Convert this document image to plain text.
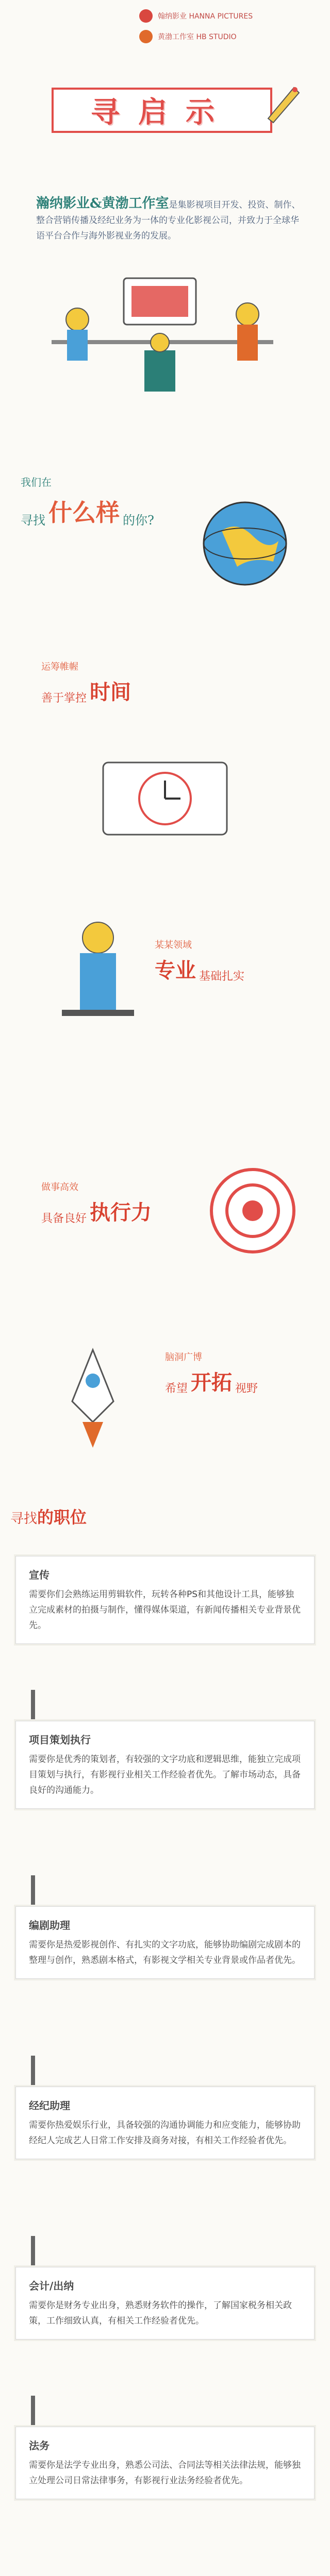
翰纳影业 HANNA PICTURES
黄渤工作室 HB STUDIO
寻启示
瀚纳影业&黄渤工作室是集影视项目开发、投资、制作、整合营销传播及经纪业务为一体的专业化影视公司，并致力于全球华语平台合作与海外影视业务的发展。
我们在
寻找 什么样 的你?
运筹帷幄
善于掌控 时间
某某领域
专业 基础扎实
做事高效
具备良好 执行力
脑洞广博
希望 开拓 视野
寻找的职位
宣传
需要你们会熟练运用剪辑软件，玩转各种PS和其他设计工具，能够独立完成素材的拍摄与制作，懂得媒体渠道，有新闻传播相关专业背景优先。
项目策划执行
需要你是优秀的策划者，有较强的文字功底和逻辑思维，能独立完成项目策划与执行，有影视行业相关工作经验者优先。了解市场动态，具备良好的沟通能力。
编剧助理
需要你是热爱影视创作、有扎实的文字功底，能够协助编剧完成剧本的整理与创作，熟悉剧本格式，有影视文学相关专业背景或作品者优先。
经纪助理
需要你热爱娱乐行业，具备较强的沟通协调能力和应变能力，能够协助经纪人完成艺人日常工作安排及商务对接，有相关工作经验者优先。
会计/出纳
需要你是财务专业出身，熟悉财务软件的操作，了解国家税务相关政策，工作细致认真，有相关工作经验者优先。
法务
需要你是法学专业出身，熟悉公司法、合同法等相关法律法规，能够独立处理公司日常法律事务，有影视行业法务经验者优先。
